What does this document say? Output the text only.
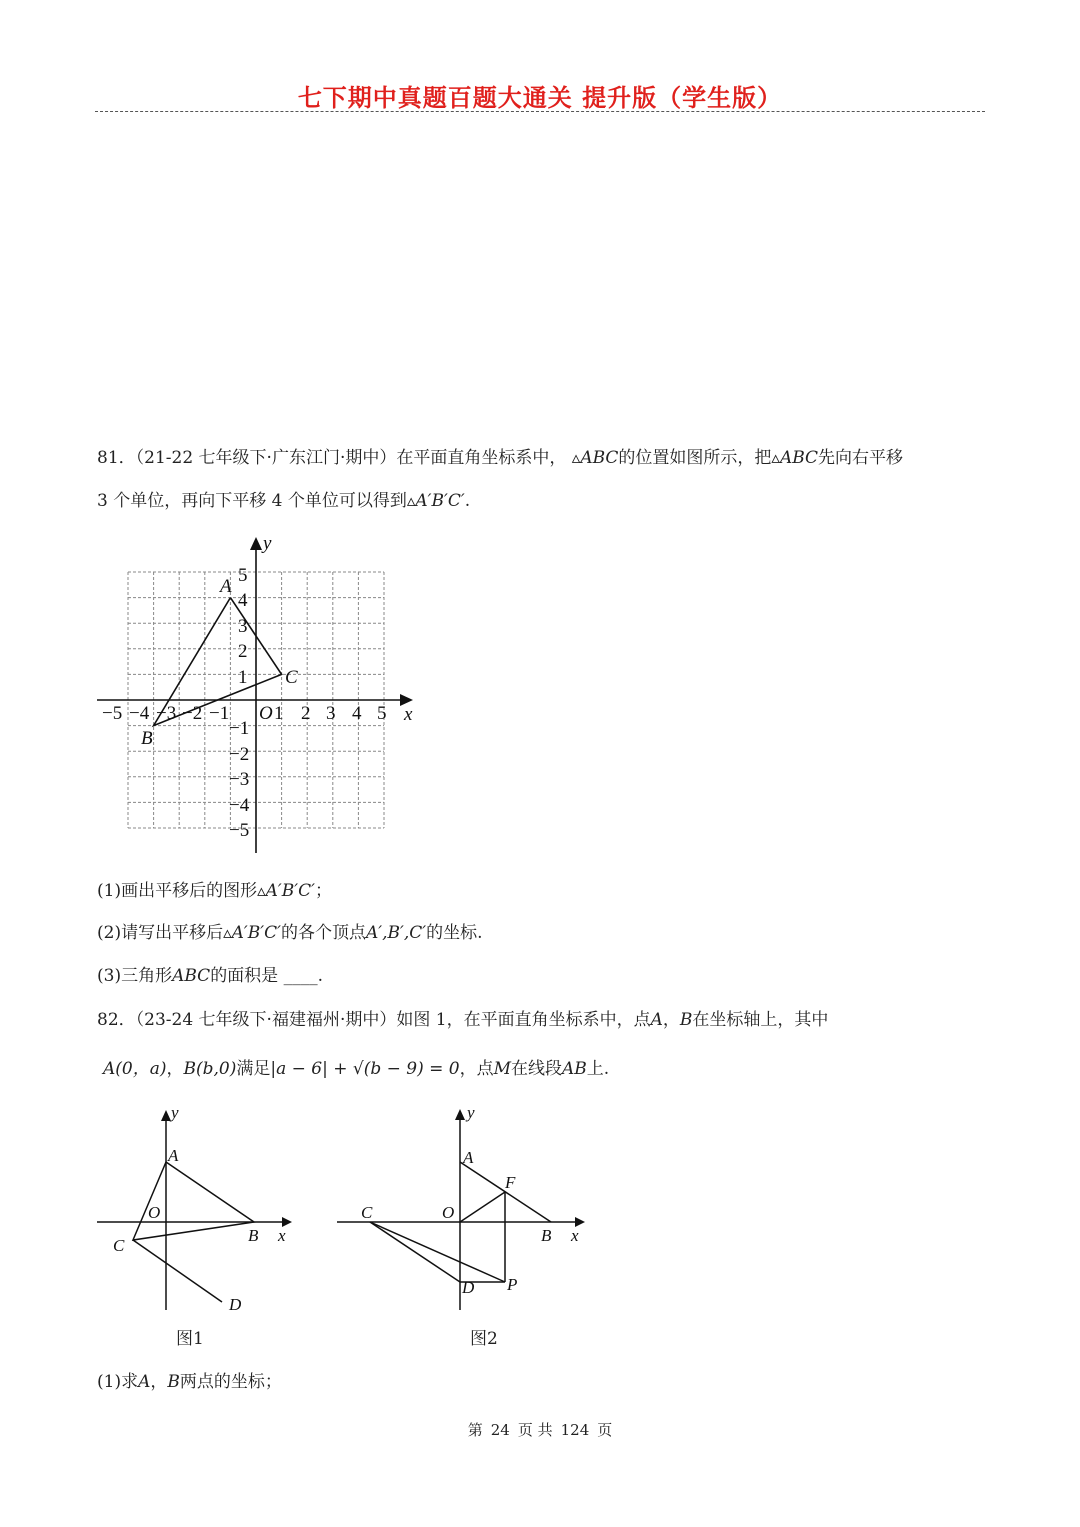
七下期中真题百题大通关 提升版（学生版）
81．（21-22 七年级下·广东江门·期中）在平面直角坐标系中， ▵ABC的位置如图所示，把▵ABC先向右平移
3 个单位，再向下平移 4 个单位可以得到▵A′B′C′.
x
y
O
A
B
C
−5 −4 −3 −2 −1 1 2 3 4 5
5
4
3
2
1
−1
−2
−3
−4
−5
(1)画出平移后的图形▵A′B′C′；
(2)请写出平移后▵A′B′C′的各个顶点A′,B′,C′的坐标.
(3)三角形ABC的面积是 ____.
82．（23-24 七年级下·福建福州·期中）如图 1，在平面直角坐标系中，点A，B在坐标轴上，其中
A(0，a)，B(b,0)满足|a − 6| + √(b − 9) = 0，点M在线段AB上.
y
A
O
B x
C
D
图1
y
A
F
C	O
B x
D P
图2
(1)求A，B两点的坐标；
第 24 页 共 124 页
